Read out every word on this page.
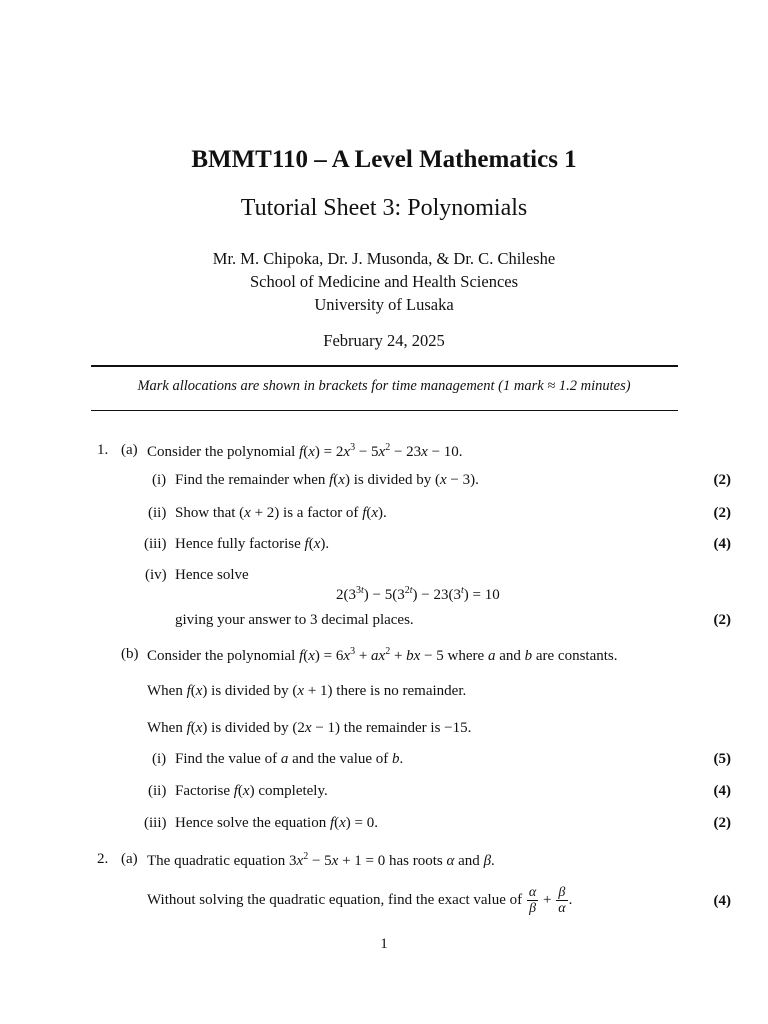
BMMT110 – A Level Mathematics 1
Tutorial Sheet 3: Polynomials
Mr. M. Chipoka, Dr. J. Musonda, & Dr. C. Chileshe
School of Medicine and Health Sciences
University of Lusaka
February 24, 2025
Mark allocations are shown in brackets for time management (1 mark ≈ 1.2 minutes)
1. (a) Consider the polynomial $f(x) = 2x^3 - 5x^2 - 23x - 10$.
(i) Find the remainder when f(x) is divided by (x − 3).	(2)
(ii) Show that (x + 2) is a factor of f(x).	(2)
(iii) Hence fully factorise f(x).	(4)
(iv) Hence solve
$2(3^{3t}) - 5(3^{2t}) - 23(3^t) = 10$
giving your answer to 3 decimal places.	(2)
(b) Consider the polynomial $f(x) = 6x^3 + ax^2$ + bx − 5 where a and b are constants.
When f(x) is divided by (x + 1) there is no remainder.
When f(x) is divided by (2x − 1) the remainder is −15.
(i) Find the value of a and the value of b.	(5)
(ii) Factorise f(x) completely.	(4)
(iii) Hence solve the equation f(x) = 0.	(2)
2. (a) The quadratic equation $3x^2 - 5x + 1 = 0$ has roots α and β.
Without solving the quadratic equation, find the exact value of $\frac{\alpha}{\beta} + \frac{\beta}{\alpha}$ .	(4)
1
